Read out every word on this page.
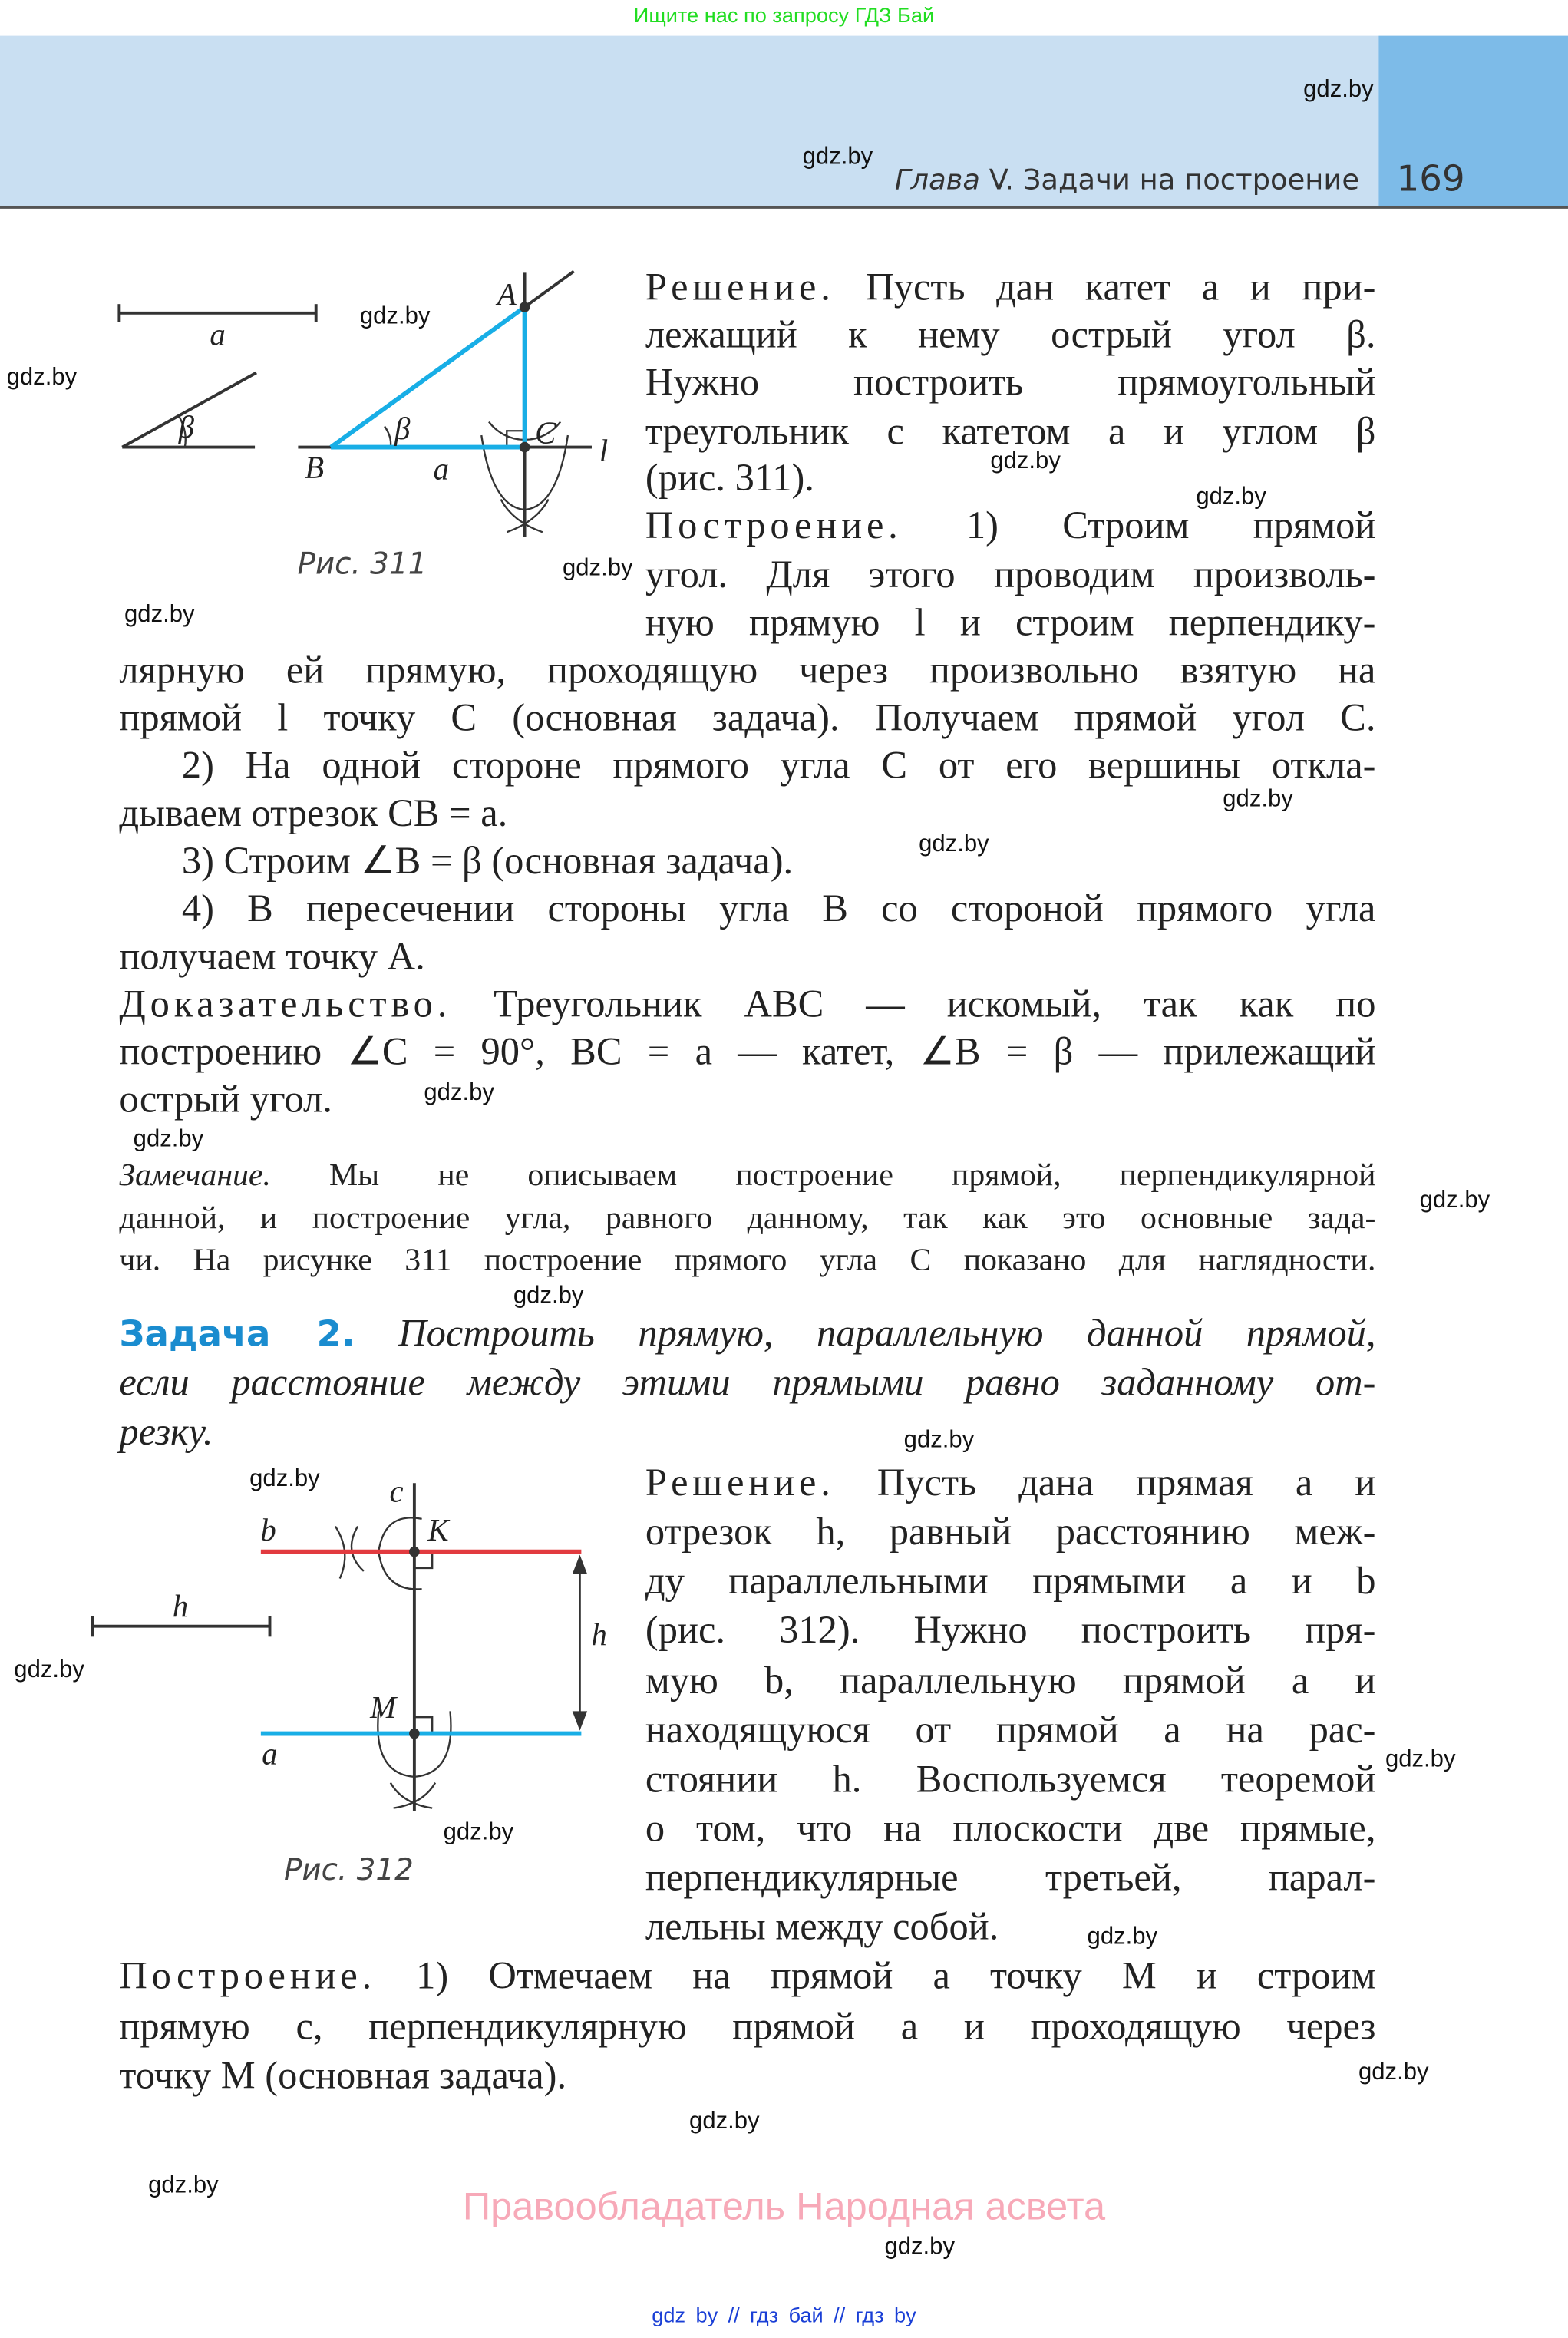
Ищите нас по запросу ГДЗ Бай
Глава V. Задачи на построение 169
a
β
A
B
C
a
β
l
Рис. 311
Решение. Пусть дан катет a и при-
лежащий к нему острый угол β.
Нужно построить прямоугольный
треугольник с катетом a и углом β
(рис. 311).
Построение. 1) Строим прямой
угол. Для этого проводим произволь-
ную прямую l и строим перпендику-
лярную ей прямую, проходящую через произвольно взятую на
прямой l точку C (основная задача). Получаем прямой угол C.
2) На одной стороне прямого угла C от его вершины откла-
дываем отрезок CB = a.
3) Строим ∠B = β (основная задача).
4) В пересечении стороны угла B со стороной прямого угла
получаем точку A.
Доказательство. Треугольник ABC — искомый, так как по
построению ∠C = 90°, BC = a — катет, ∠B = β — прилежащий
острый угол.
Замечание. Мы не описываем построение прямой, перпендикулярной
данной, и построение угла, равного данному, так как это основные зада-
чи. На рисунке 311 построение прямого угла C показано для наглядности.
Задача 2. Построить прямую, параллельную данной прямой,
если расстояние между этими прямыми равно заданному от-
резку.
h
b
c
K
M
a
h
Рис. 312
Решение. Пусть дана прямая a и
отрезок h, равный расстоянию меж-
ду параллельными прямыми a и b
(рис. 312). Нужно построить пря-
мую b, параллельную прямой a и
находящуюся от прямой a на рас-
стоянии h. Воспользуемся теоремой
о том, что на плоскости две прямые,
перпендикулярные третьей, парал-
лельны между собой.
Построение. 1) Отмечаем на прямой a точку M и строим
прямую c, перпендикулярную прямой a и проходящую через
точку M (основная задача).
gdz.by
gdz.by
gdz.by
gdz.by
gdz.by
gdz.by
gdz.by
gdz.by
gdz.by
gdz.by
gdz.by
gdz.by
gdz.by
gdz.by
gdz.by
gdz.by
gdz.by
gdz.by
gdz.by
gdz.by
gdz.by
gdz.by
gdz.by
gdz.by
Правообладатель Народная асвета
gdz by // гдз бай // гдз by
